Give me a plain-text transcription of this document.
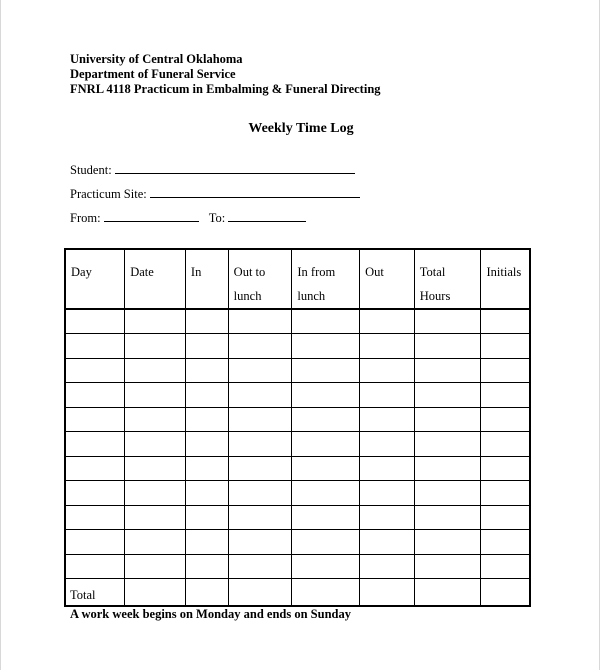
University of Central Oklahoma
Department of Funeral Service
FNRL 4118 Practicum in Embalming & Funeral Directing
Weekly Time Log
Student:
Practicum Site:
From:	To:
Day	Date	In	Out to lunch	In from lunch	Out	Total Hours	Initials

Total							
A work week begins on Monday and ends on Sunday
